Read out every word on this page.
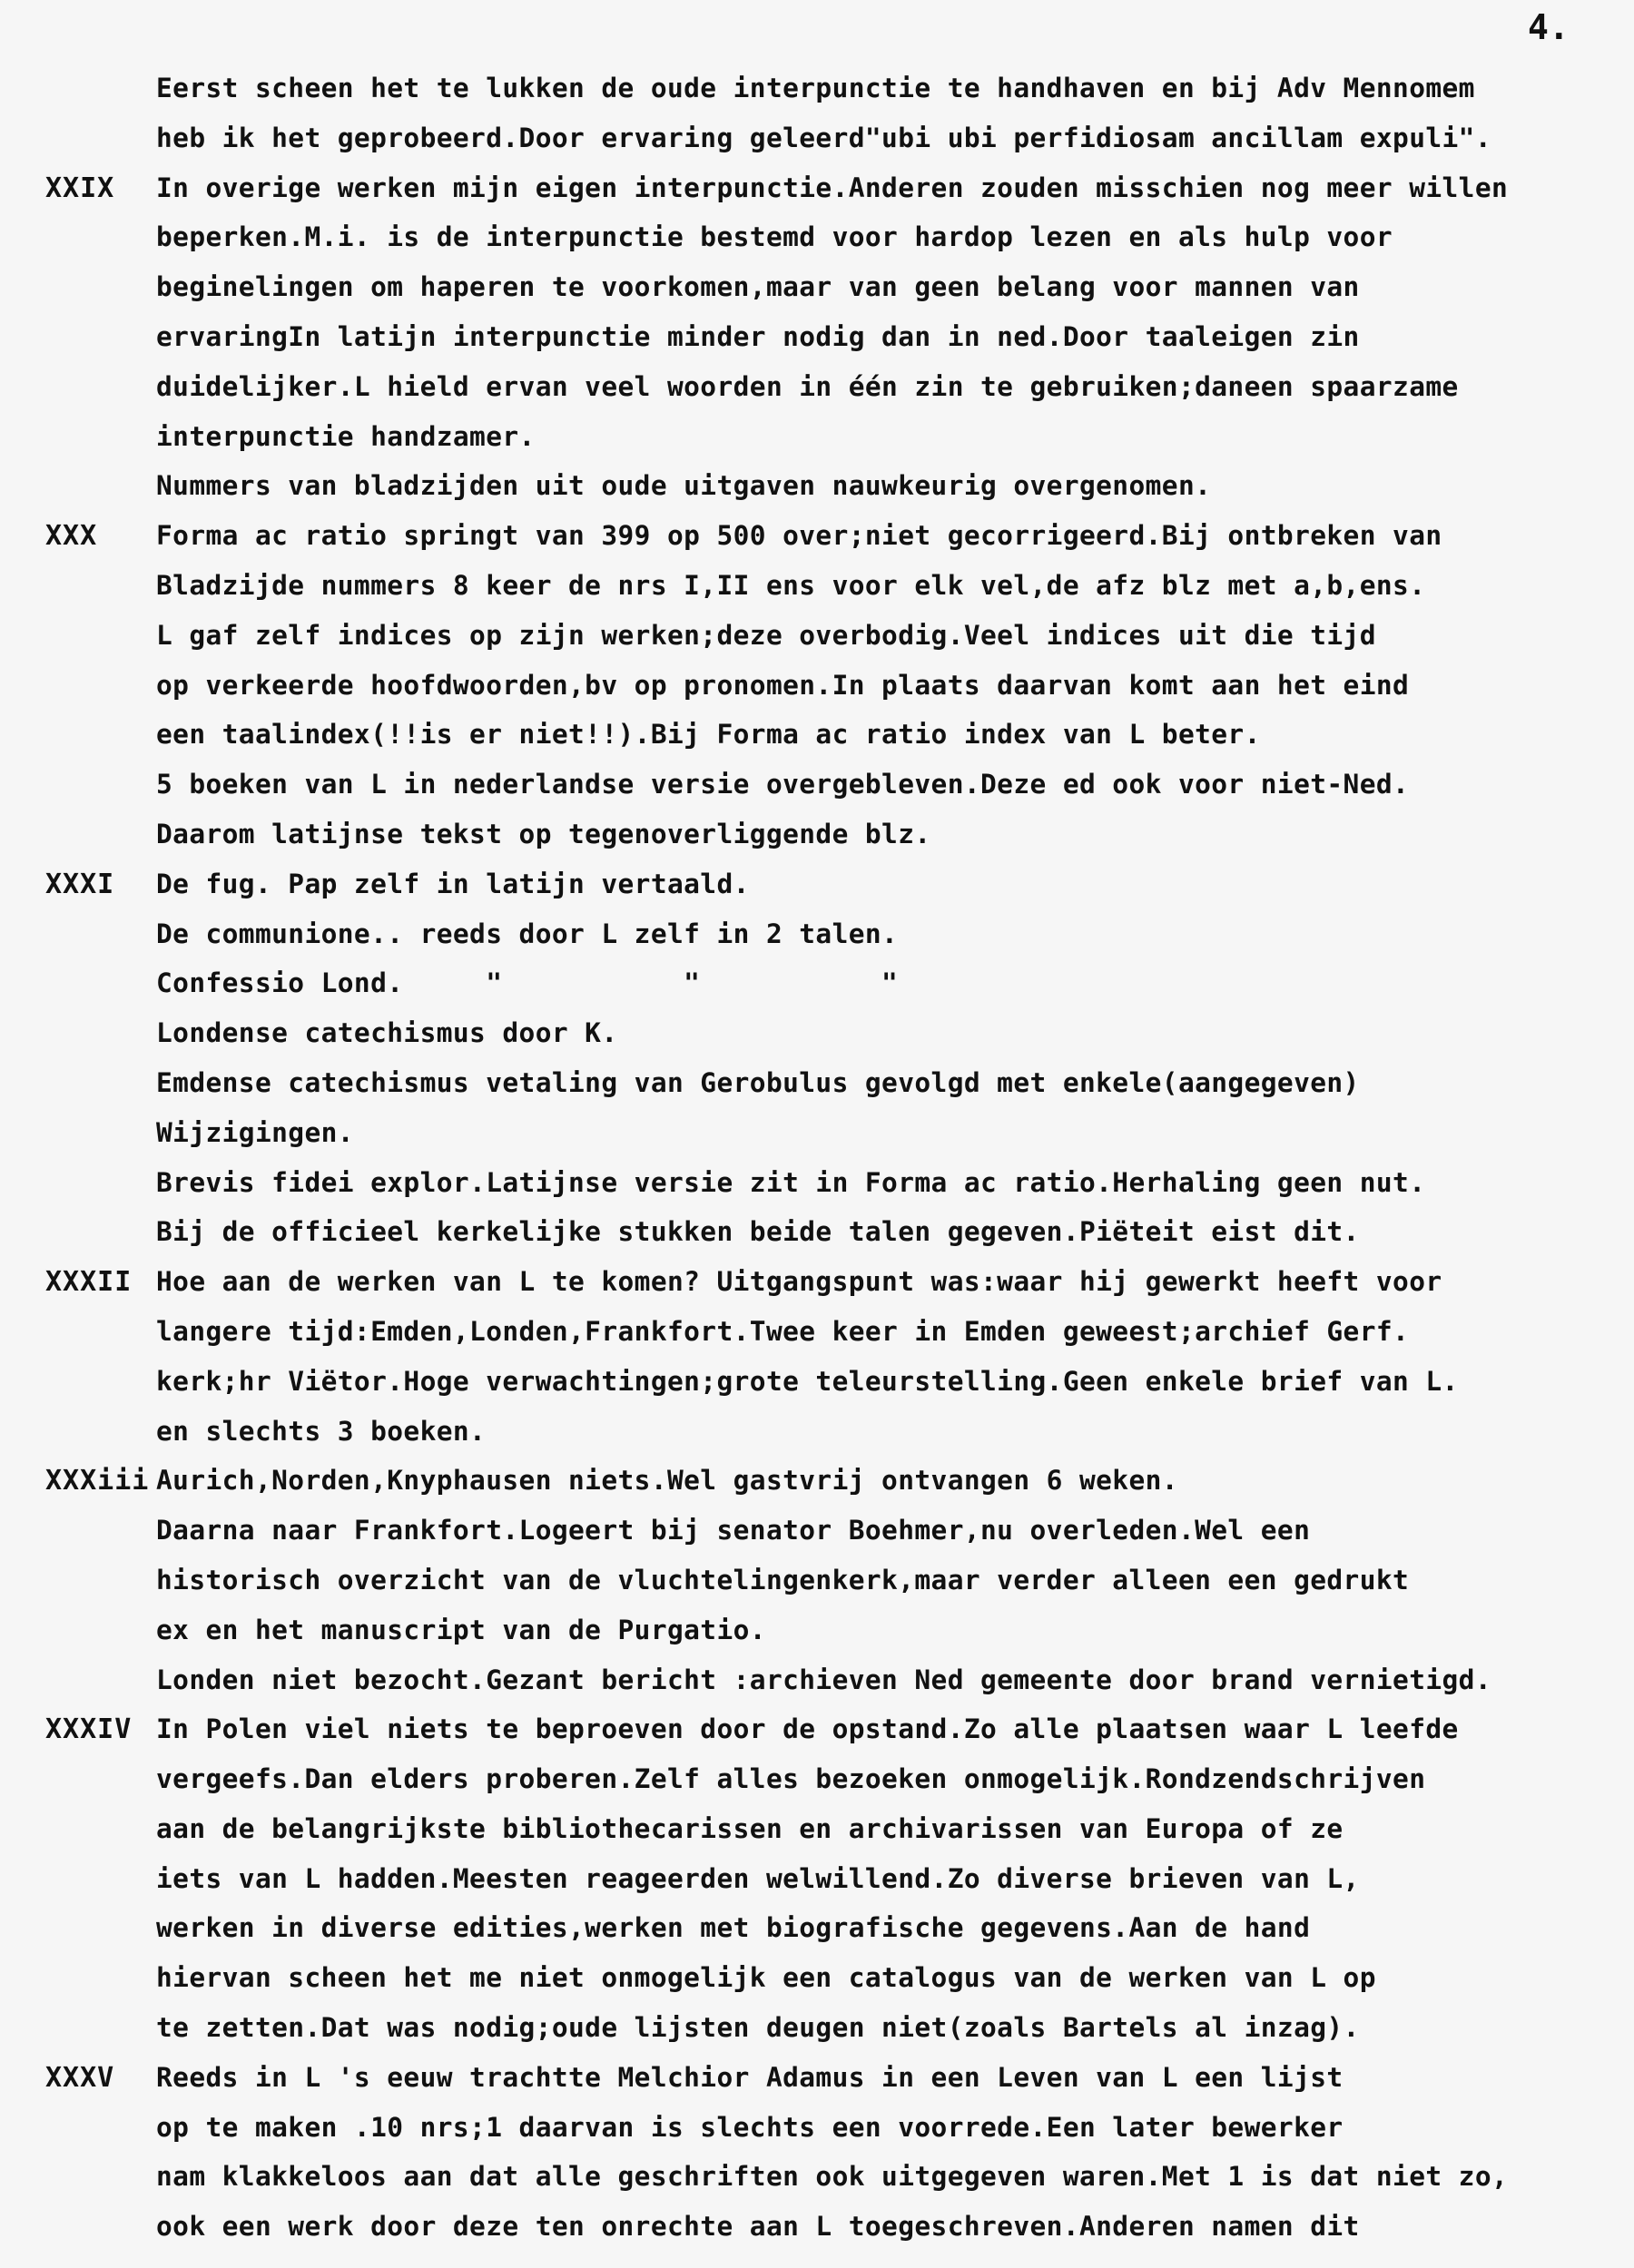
4.
Eerst scheen het te lukken de oude interpunctie te handhaven en bij Adv Mennomem
heb ik het geprobeerd.Door ervaring geleerd"ubi ubi perfidiosam ancillam expuli".
XXIX In overige werken mijn eigen interpunctie.Anderen zouden misschien nog meer willen
beperken.M.i. is de interpunctie bestemd voor hardop lezen en als hulp voor
beginelingen om haperen te voorkomen,maar van geen belang voor mannen van
ervaringIn latijn interpunctie minder nodig dan in ned.Door taaleigen zin
duidelijker.L hield ervan veel woorden in één zin te gebruiken;daneen spaarzame
interpunctie handzamer.
Nummers van bladzijden uit oude uitgaven nauwkeurig overgenomen.
XXX Forma ac ratio springt van 399 op 500 over;niet gecorrigeerd.Bij ontbreken van
Bladzijde nummers 8 keer de nrs I,II ens voor elk vel,de afz blz met a,b,ens.
L gaf zelf indices op zijn werken;deze overbodig.Veel indices uit die tijd
op verkeerde hoofdwoorden,bv op pronomen.In plaats daarvan komt aan het eind
een taalindex(!!is er niet!!).Bij Forma ac ratio index van L beter.
5 boeken van L in nederlandse versie overgebleven.Deze ed ook voor niet-Ned.
Daarom latijnse tekst op tegenoverliggende blz.
XXXI De fug. Pap zelf in latijn vertaald.
De communione.. reeds door L zelf in 2 talen.
Confessio Lond.     "           "           "
Londense catechismus door K.
Emdense catechismus vetaling van Gerobulus gevolgd met enkele(aangegeven)
Wijzigingen.
Brevis fidei explor.Latijnse versie zit in Forma ac ratio.Herhaling geen nut.
Bij de officieel kerkelijke stukken beide talen gegeven.Piëteit eist dit.
XXXII Hoe aan de werken van L te komen? Uitgangspunt was:waar hij gewerkt heeft voor
langere tijd:Emden,Londen,Frankfort.Twee keer in Emden geweest;archief Gerf.
kerk;hr Viëtor.Hoge verwachtingen;grote teleurstelling.Geen enkele brief van L.
en slechts 3 boeken.
XXXiii Aurich,Norden,Knyphausen niets.Wel gastvrij ontvangen 6 weken.
Daarna naar Frankfort.Logeert bij senator Boehmer,nu overleden.Wel een
historisch overzicht van de vluchtelingenkerk,maar verder alleen een gedrukt
ex en het manuscript van de Purgatio.
Londen niet bezocht.Gezant bericht :archieven Ned gemeente door brand vernietigd.
XXXIV In Polen viel niets te beproeven door de opstand.Zo alle plaatsen waar L leefde
vergeefs.Dan elders proberen.Zelf alles bezoeken onmogelijk.Rondzendschrijven
aan de belangrijkste bibliothecarissen en archivarissen van Europa of ze
iets van L hadden.Meesten reageerden welwillend.Zo diverse brieven van L,
werken in diverse edities,werken met biografische gegevens.Aan de hand
hiervan scheen het me niet onmogelijk een catalogus van de werken van L op
te zetten.Dat was nodig;oude lijsten deugen niet(zoals Bartels al inzag).
XXXV Reeds in L 's eeuw trachtte Melchior Adamus in een Leven van L een lijst
op te maken .10 nrs;1 daarvan is slechts een voorrede.Een later bewerker
nam klakkeloos aan dat alle geschriften ook uitgegeven waren.Met 1 is dat niet zo,
ook een werk door deze ten onrechte aan L toegeschreven.Anderen namen dit
